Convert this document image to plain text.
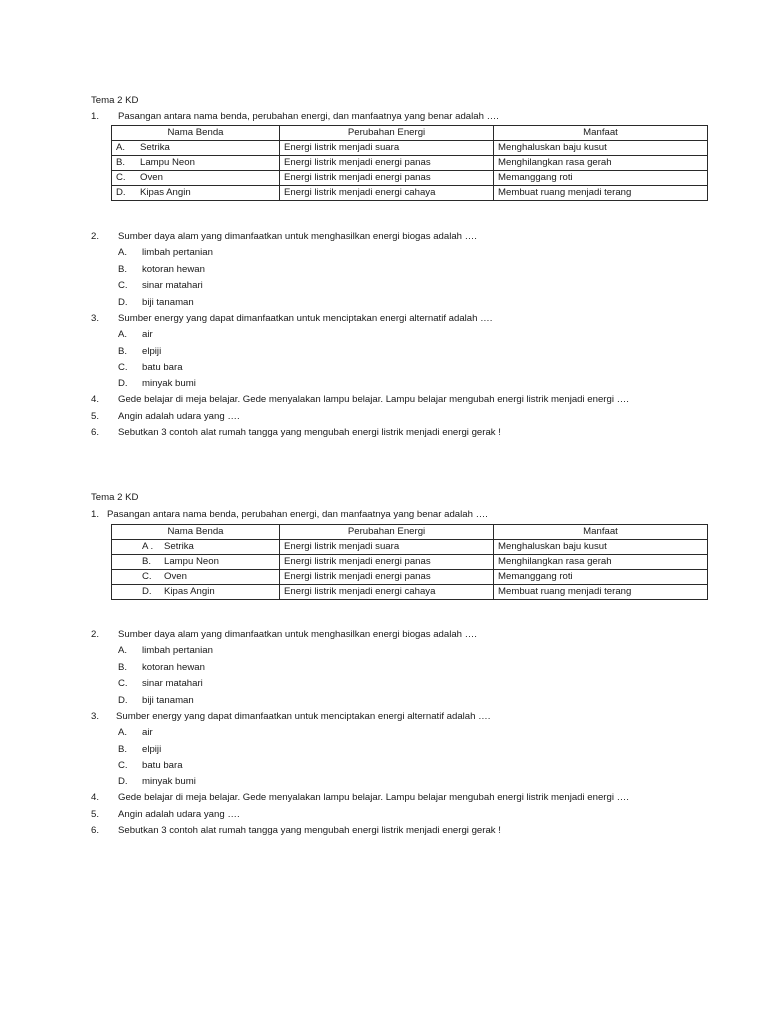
Tema 2 KD
1. Pasangan antara nama benda, perubahan energi, dan manfaatnya yang benar adalah ….
Nama Benda	Perubahan Energi	Manfaat
A. Setrika	Energi listrik menjadi suara	Menghaluskan baju kusut
B. Lampu Neon	Energi listrik menjadi energi panas	Menghilangkan rasa gerah
C. Oven	Energi listrik menjadi energi panas	Memanggang roti
D. Kipas Angin	Energi listrik menjadi energi cahaya	Membuat ruang menjadi terang
2. Sumber daya alam yang dimanfaatkan untuk menghasilkan energi biogas adalah ….
A. limbah pertanian
B. kotoran hewan
C. sinar matahari
D. biji tanaman
3. Sumber energy yang dapat dimanfaatkan untuk menciptakan energi alternatif adalah ….
A. air
B. elpiji
C. batu bara
D. minyak bumi
4. Gede belajar di meja belajar. Gede menyalakan lampu belajar. Lampu belajar mengubah energi listrik menjadi energi ….
5. Angin adalah udara yang ….
6. Sebutkan 3 contoh alat rumah tangga yang mengubah energi listrik menjadi energi gerak !
Tema 2 KD
1. Pasangan antara nama benda, perubahan energi, dan manfaatnya yang benar adalah ….
Nama Benda	Perubahan Energi	Manfaat
A . Setrika	Energi listrik menjadi suara	Menghaluskan baju kusut
B. Lampu Neon	Energi listrik menjadi energi panas	Menghilangkan rasa gerah
C. Oven	Energi listrik menjadi energi panas	Memanggang roti
D. Kipas Angin	Energi listrik menjadi energi cahaya	Membuat ruang menjadi terang
2. Sumber daya alam yang dimanfaatkan untuk menghasilkan energi biogas adalah ….
A. limbah pertanian
B. kotoran hewan
C. sinar matahari
D. biji tanaman
3. Sumber energy yang dapat dimanfaatkan untuk menciptakan energi alternatif adalah ….
A. air
B. elpiji
C. batu bara
D. minyak bumi
4. Gede belajar di meja belajar. Gede menyalakan lampu belajar. Lampu belajar mengubah energi listrik menjadi energi ….
5. Angin adalah udara yang ….
6. Sebutkan 3 contoh alat rumah tangga yang mengubah energi listrik menjadi energi gerak !
